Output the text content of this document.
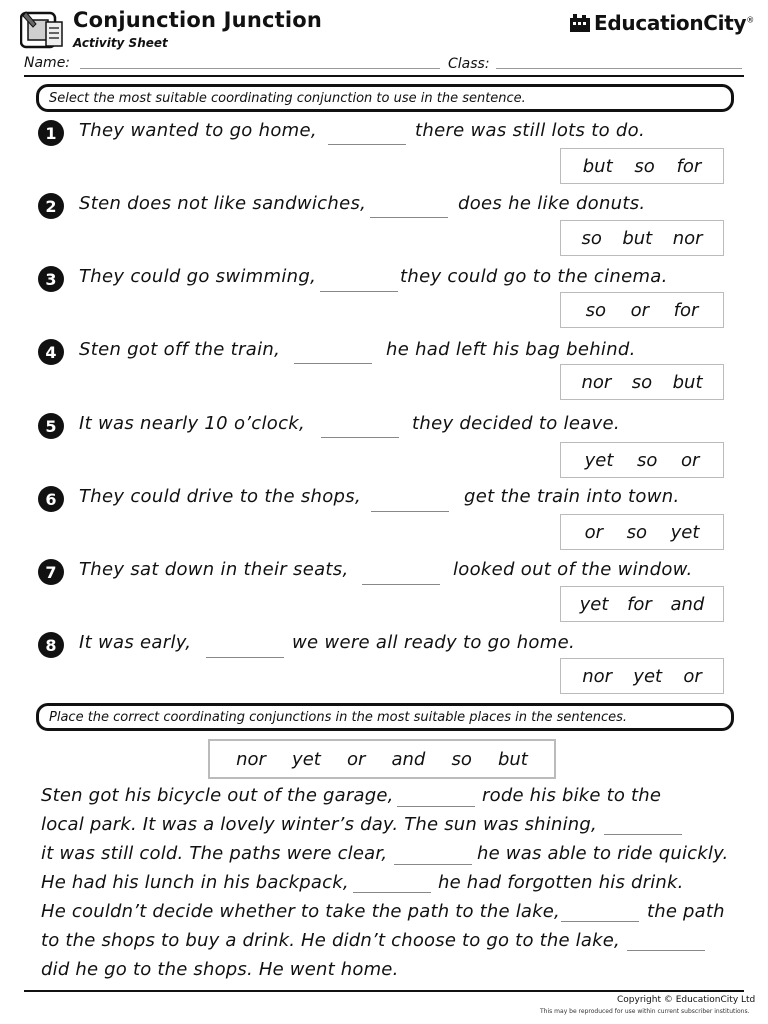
Conjunction Junction
Activity Sheet
EducationCity®
Name:	Class:
Select the most suitable coordinating conjunction to use in the sentence.
1	They wanted to go home,	there was still lots to do.
but so for
2	Sten does not like sandwiches,	does he like donuts.
so but nor
3	They could go swimming,	they could go to the cinema.
so or for
4	Sten got off the train,	he had left his bag behind.
nor so but
5	It was nearly 10 o’clock,	they decided to leave.
yet so or
6	They could drive to the shops,	get the train into town.
or so yet
7	They sat down in their seats,	looked out of the window.
yet for and
8	It was early,	we were all ready to go home.
nor yet or
Place the correct coordinating conjunctions in the most suitable places in the sentences.
nor yet or and so but
Sten got his bicycle out of the garage,	rode his bike to the
local park. It was a lovely winter’s day. The sun was shining,
it was still cold. The paths were clear,	he was able to ride quickly.
He had his lunch in his backpack,	he had forgotten his drink.
He couldn’t decide whether to take the path to the lake,	the path
to the shops to buy a drink. He didn’t choose to go to the lake,
did he go to the shops. He went home.
Copyright © EducationCity Ltd
This may be reproduced for use within current subscriber institutions.
